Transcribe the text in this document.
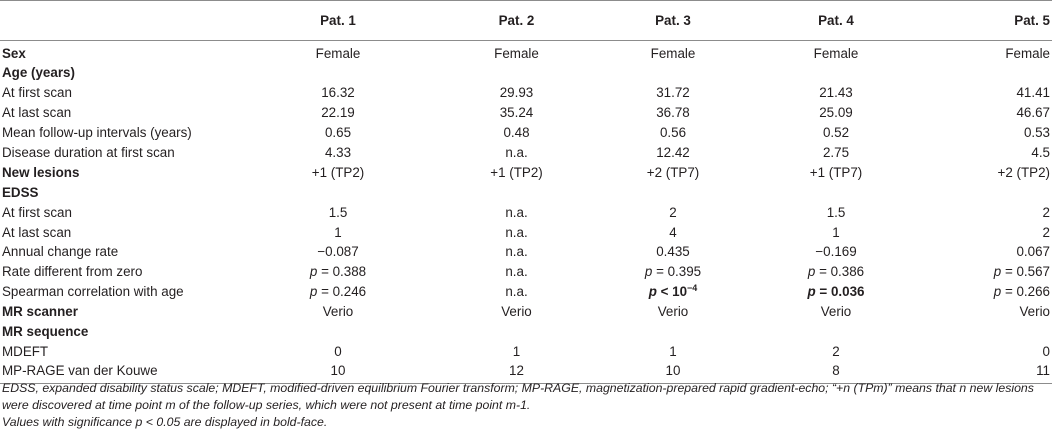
	Pat. 1	Pat. 2	Pat. 3	Pat. 4	Pat. 5
Sex	Female	Female	Female	Female	Female
Age (years)					
At first scan	16.32	29.93	31.72	21.43	41.41
At last scan	22.19	35.24	36.78	25.09	46.67
Mean follow-up intervals (years)	0.65	0.48	0.56	0.52	0.53
Disease duration at first scan	4.33	n.a.	12.42	2.75	4.5
New lesions	+1 (TP2)	+1 (TP2)	+2 (TP7)	+1 (TP7)	+2 (TP2)
EDSS					
At first scan	1.5	n.a.	2	1.5	2
At last scan	1	n.a.	4	1	2
Annual change rate	−0.087	n.a.	0.435	−0.169	0.067
Rate different from zero	p = 0.388	n.a.	p = 0.395	p = 0.386	p = 0.567
Spearman correlation with age	p = 0.246	n.a.	$p < 10^{-4}$	p = 0.036	p = 0.266
MR scanner	Verio	Verio	Verio	Verio	Verio
MR sequence					
MDEFT	0	1	1	2	0
MP-RAGE van der Kouwe	10	12	10	8	11

EDSS, expanded disability status scale; MDEFT, modified-driven equilibrium Fourier transform; MP-RAGE, magnetization-prepared rapid gradient-echo; “+n (TPm)” means that n new lesions were discovered at time point m of the follow-up series, which were not present at time point m-1.

Values with significance p < 0.05 are displayed in bold-face.
